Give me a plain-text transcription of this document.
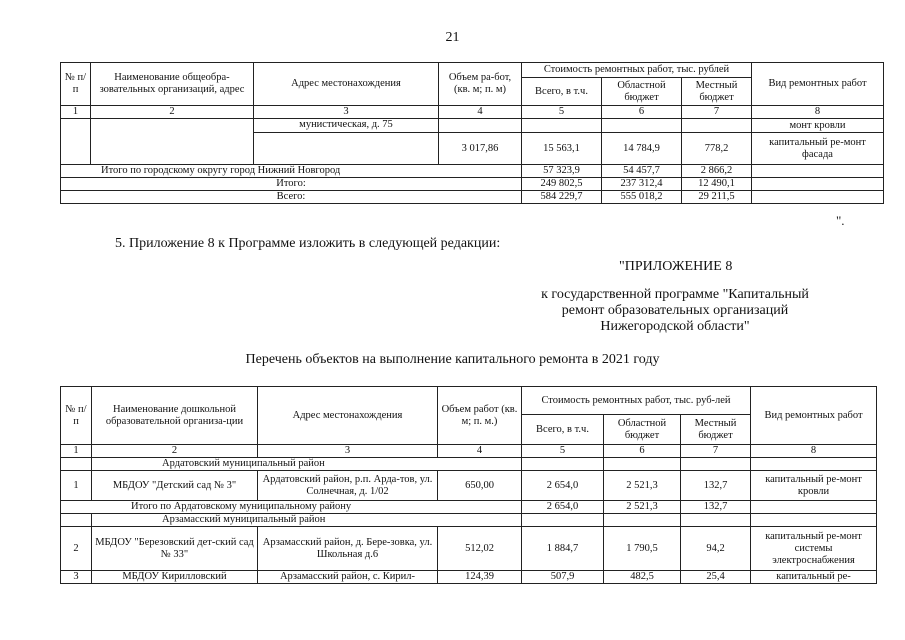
21
№ п/п	Наименование общеобра-зовательных организаций, адрес	Адрес местонахождения	Объем ра-бот, (кв. м; п. м)	Стоимость ремонтных работ, тыс. рублей			Вид ремонтных работ
				Всего, в т.ч.	Областной бюджет	Местный бюджет	
1	2	3	4	5	6	7	8
		мунистическая, д. 75					монт кровли
			3 017,86	15 563,1	14 784,9	778,2	капитальный ре-монт фасада
Итого по городскому округу город Нижний Новгород				57 323,9	54 457,7	2 866,2	
Итого:				249 802,5	237 312,4	12 490,1	
Всего:				584 229,7	555 018,2	29 211,5	
".
5. Приложение 8 к Программе изложить в следующей редакции:
"ПРИЛОЖЕНИЕ 8
к государственной программе "Капитальный
ремонт образовательных организаций
Нижегородской области"
Перечень объектов на выполнение капитального ремонта в 2021 году
№ п/п	Наименование дошкольной образовательной организа-ции	Адрес местонахождения	Объем работ (кв. м; п. м.)	Стоимость ремонтных работ, тыс. руб-лей			Вид ремонтных работ
				Всего, в т.ч.	Областной бюджет	Местный бюджет	
1	2	3	4	5	6	7	8
	Ардатовский муниципальный район						
1	МБДОУ "Детский сад № 3"	Ардатовский район, р.п. Арда-тов, ул. Солнечная, д. 1/02	650,00	2 654,0	2 521,3	132,7	капитальный ре-монт кровли
Итого по Ардатовскому муниципальному району				2 654,0	2 521,3	132,7	
	Арзамасский муниципальный район						
2	МБДОУ "Березовский дет-ский сад № 33"	Арзамасский район, д. Бере-зовка, ул. Школьная д.6	512,02	1 884,7	1 790,5	94,2	капитальный ре-монт системы электроснабжения
3	МБДОУ Кирилловский	Арзамасский район, с. Кирил-	124,39	507,9	482,5	25,4	капитальный ре-
